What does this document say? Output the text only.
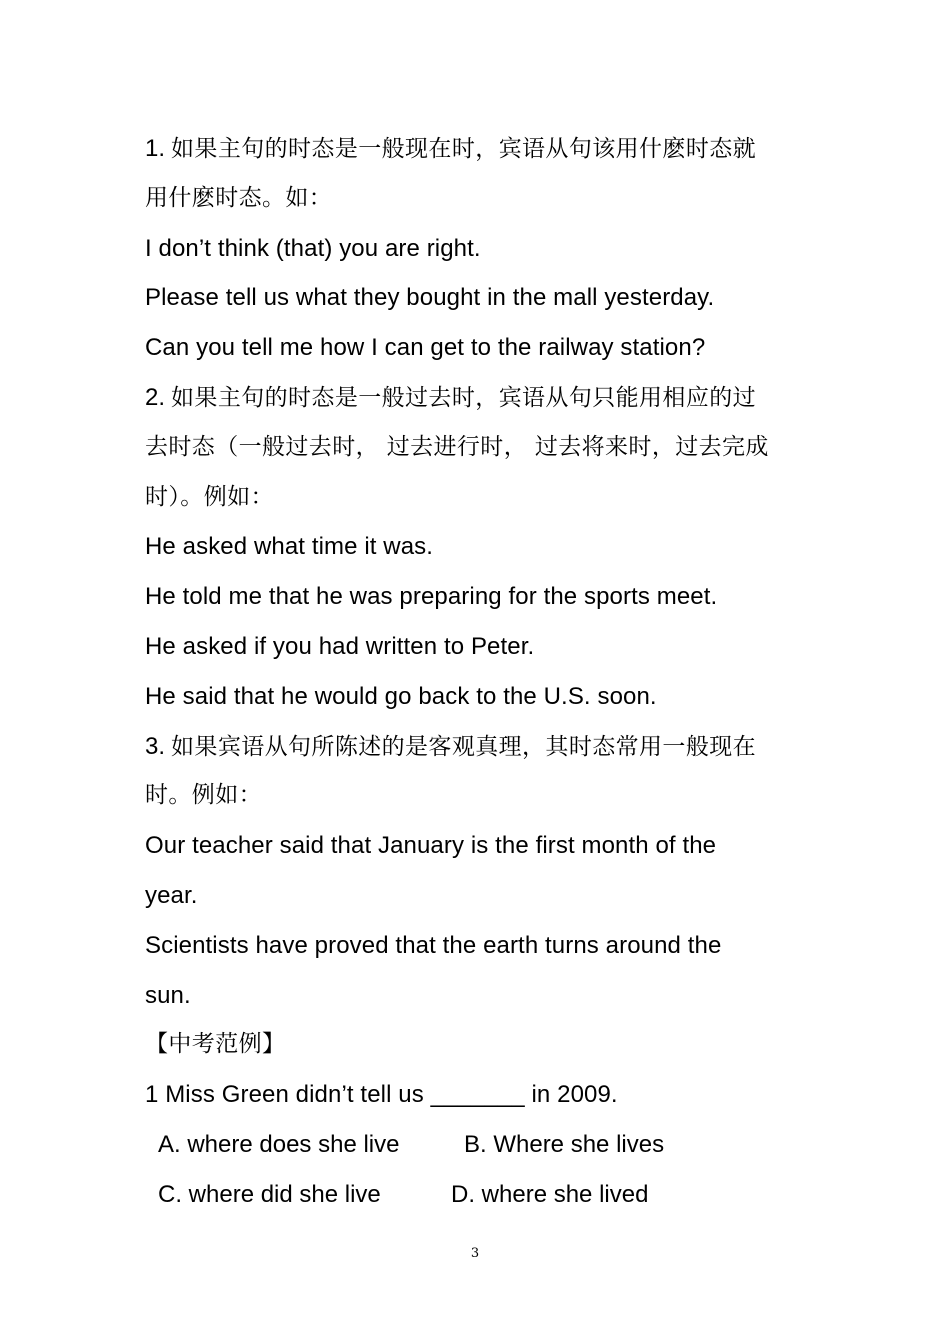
1. 如果主句的时态是一般现在时，宾语从句该用什麽时态就
用什麽时态。如：
I don’t think (that) you are right.
Please tell us what they bought in the mall yesterday.
Can you tell me how I can get to the railway station?
2. 如果主句的时态是一般过去时，宾语从句只能用相应的过
去时态（一般过去时， 过去进行时， 过去将来时，过去完成
时）。例如：
He asked what time it was.
He told me that he was preparing for the sports meet.
He asked if you had written to Peter.
He said that he would go back to the U.S. soon.
3. 如果宾语从句所陈述的是客观真理，其时态常用一般现在
时。例如：
Our teacher said that January is the first month of the
year.
Scientists have proved that the earth turns around the
sun.
【中考范例】
1 Miss Green didn’t tell us _______ in 2009.
A. where does she live	B. Where she lives
C. where did she live	D. where she lived
3
